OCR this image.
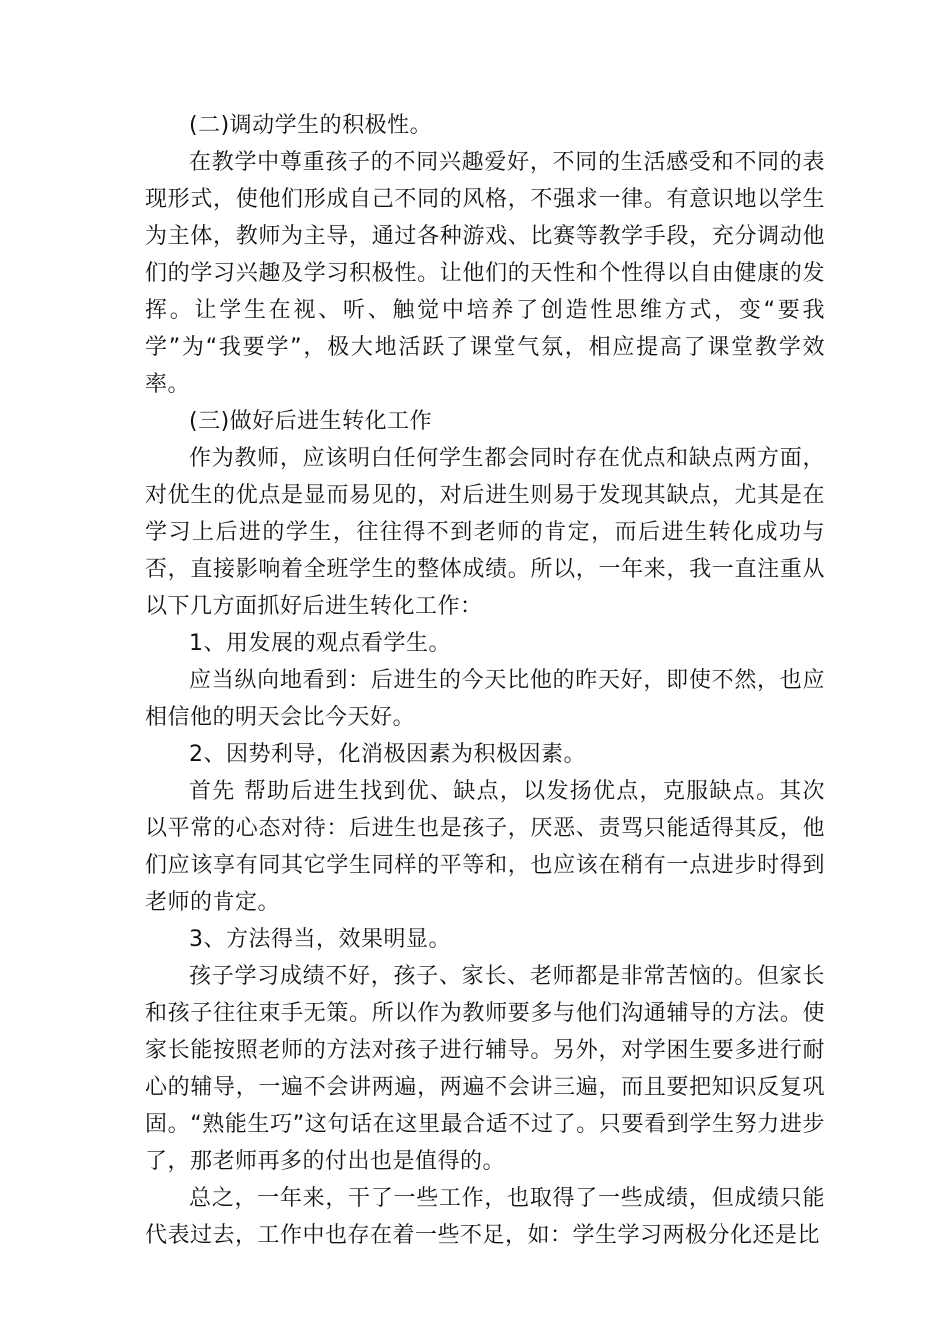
(二)调动学生的积极性。

在教学中尊重孩子的不同兴趣爱好，不同的生活感受和不同的表现形式，使他们形成自己不同的风格，不强求一律。有意识地以学生为主体，教师为主导，通过各种游戏、比赛等教学手段，充分调动他们的学习兴趣及学习积极性。让他们的天性和个性得以自由健康的发挥。让学生在视、听、触觉中培养了创造性思维方式，变“要我学”为“我要学”，极大地活跃了课堂气氛，相应提高了课堂教学效率。

(三)做好后进生转化工作

作为教师，应该明白任何学生都会同时存在优点和缺点两方面，对优生的优点是显而易见的，对后进生则易于发现其缺点，尤其是在学习上后进的学生，往往得不到老师的肯定，而后进生转化成功与否，直接影响着全班学生的整体成绩。所以，一年来，我一直注重从以下几方面抓好后进生转化工作：

1、用发展的观点看学生。

应当纵向地看到：后进生的今天比他的昨天好，即使不然，也应相信他的明天会比今天好。

2、因势利导，化消极因素为积极因素。

首先 帮助后进生找到优、缺点，以发扬优点，克服缺点。其次以平常的心态对待：后进生也是孩子，厌恶、责骂只能适得其反，他们应该享有同其它学生同样的平等和，也应该在稍有一点进步时得到老师的肯定。

3、方法得当，效果明显。

孩子学习成绩不好，孩子、家长、老师都是非常苦恼的。但家长和孩子往往束手无策。所以作为教师要多与他们沟通辅导的方法。使家长能按照老师的方法对孩子进行辅导。另外，对学困生要多进行耐心的辅导，一遍不会讲两遍，两遍不会讲三遍，而且要把知识反复巩固。“熟能生巧”这句话在这里最合适不过了。只要看到学生努力进步了，那老师再多的付出也是值得的。

总之，一年来，干了一些工作，也取得了一些成绩，但成绩只能代表过去，工作中也存在着一些不足，如：学生学习两极分化还是比
